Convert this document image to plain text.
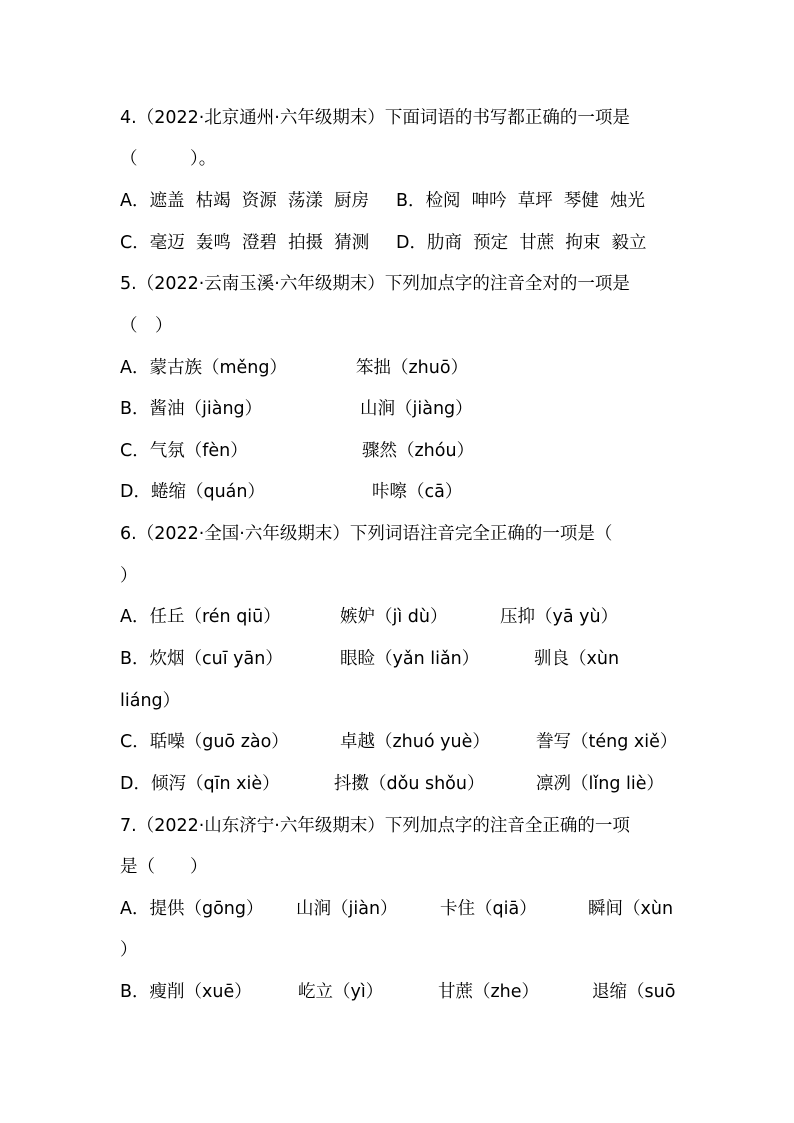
4.（2022·北京通州·六年级期末）下面词语的书写都正确的一项是
（　　　）。
A．遮盖  枯竭  资源  荡漾  厨房 B．检阅  呻吟  草坪  琴健  烛光
C．毫迈  轰鸣  澄碧  拍摄  猜测 D．肋商  预定  甘蔗  拘束  毅立
5.（2022·云南玉溪·六年级期末）下列加点字的注音全对的一项是
（　）
A．蒙古族（měng）	笨拙（zhuō）
B．酱油（jiàng）	山涧（jiàng）
C．气氛（fèn）	骤然（zhóu）
D．蜷缩（quán）	咔嚓（cā）
6.（2022·全国·六年级期末）下列词语注音完全正确的一项是（
）
A．任丘（rén qiū）	嫉妒（jì dù）	压抑（yā yù）
B．炊烟（cuī yān）	眼睑（yǎn liǎn）	驯良（xùn
liáng）
C．聒噪（guō zào）	卓越（zhuó yuè）	誊写（téng xiě）
D．倾泻（qīn xiè）	抖擞（dǒu shǒu）	凛冽（lǐng liè）
7.（2022·山东济宁·六年级期末）下列加点字的注音全正确的一项
是（　　）
A．提供（gōng） 山涧（jiàn） 卡住（qiā）	瞬间（xùn
）
B．瘦削（xuē）	屹立（yì）	甘蔗（zhe）	退缩（suō
